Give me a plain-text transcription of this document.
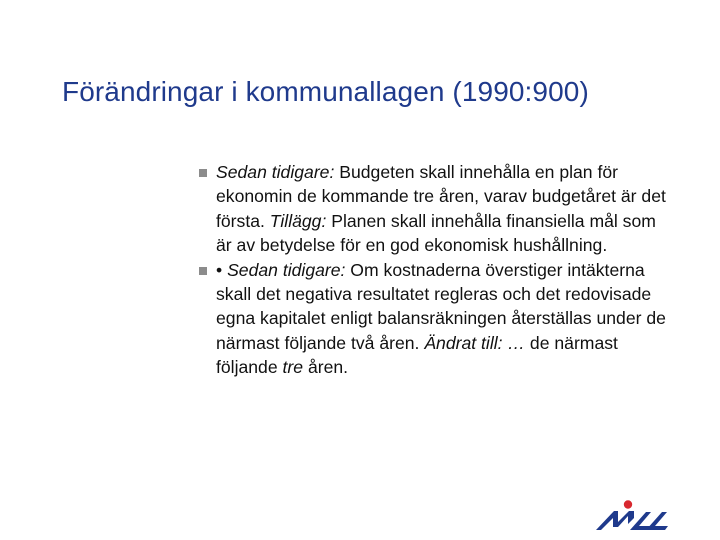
Förändringar i kommunallagen (1990:900)
Sedan tidigare: Budgeten skall innehålla en plan för ekonomin de kommande tre åren, varav budgetåret är det första. Tillägg: Planen skall innehålla finansiella mål som är av betydelse för en god ekonomisk hushållning.
• Sedan tidigare: Om kostnaderna överstiger intäkterna skall det negativa resultatet regleras och det redovisade egna kapitalet enligt balansräkningen återställas under de närmast följande två åren. Ändrat till: … de närmast följande tre åren.
